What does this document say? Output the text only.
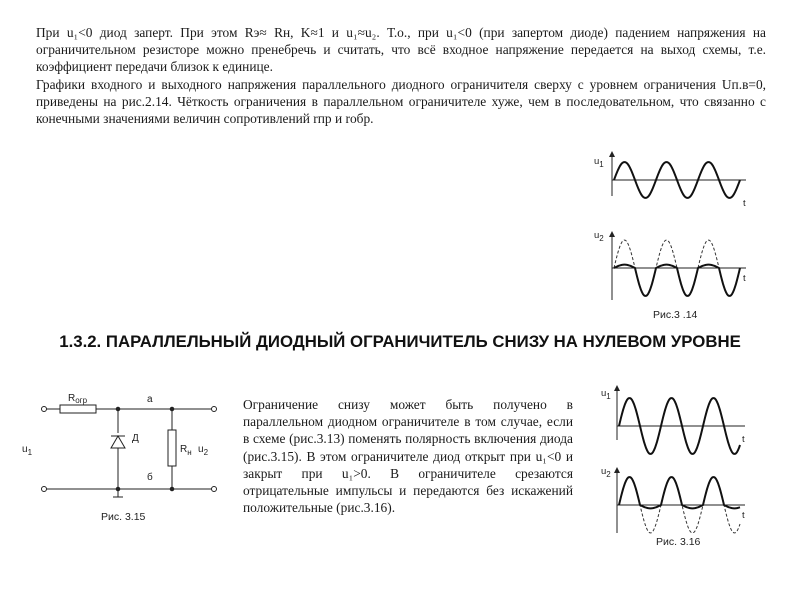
При u₁<0 диод заперт. При этом Rэ≈ Rн, K≈1 и u₁≈u₂. Т.о., при u₁<0 (при запертом диоде) падением напряжения на ограничительном резисторе можно пренебречь и считать, что всё входное напряжение передается на выход схемы, т.е. коэффициент передачи близок к единице.

Графики входного и выходного напряжения параллельного диодного ограничителя сверху с уровнем ограничения Uп.в=0, приведены на рис.2.14. Чёткость ограничения в параллельном ограничителе хуже, чем в последовательном, что связанно с конечными значениями величин сопротивлений rпр и rобр.

1.3.2. ПАРАЛЛЕЛЬНЫЙ ДИОДНЫЙ ОГРАНИЧИТЕЛЬ СНИЗУ НА НУЛЕВОМ УРОВНЕ

Ограничение снизу может быть получено в параллельном диодном ограничителе в том случае, если в схеме (рис.3.13) поменять полярность включения диода (рис.3.15). В этом ограничителе диод открыт при u₁<0 и закрыт при u₁>0. В ограничителе срезаются отрицательные импульсы и передаются без искажений положительные (рис.3.16).

$u_1$
t
$u_2$
t
Рис.3 .14
$R_{огр}$	а
б
Д
$R_н$
$u_1$	$u_2$
Рис. 3.15
$u_1$
t
$u_2$
t
Рис. 3.16
